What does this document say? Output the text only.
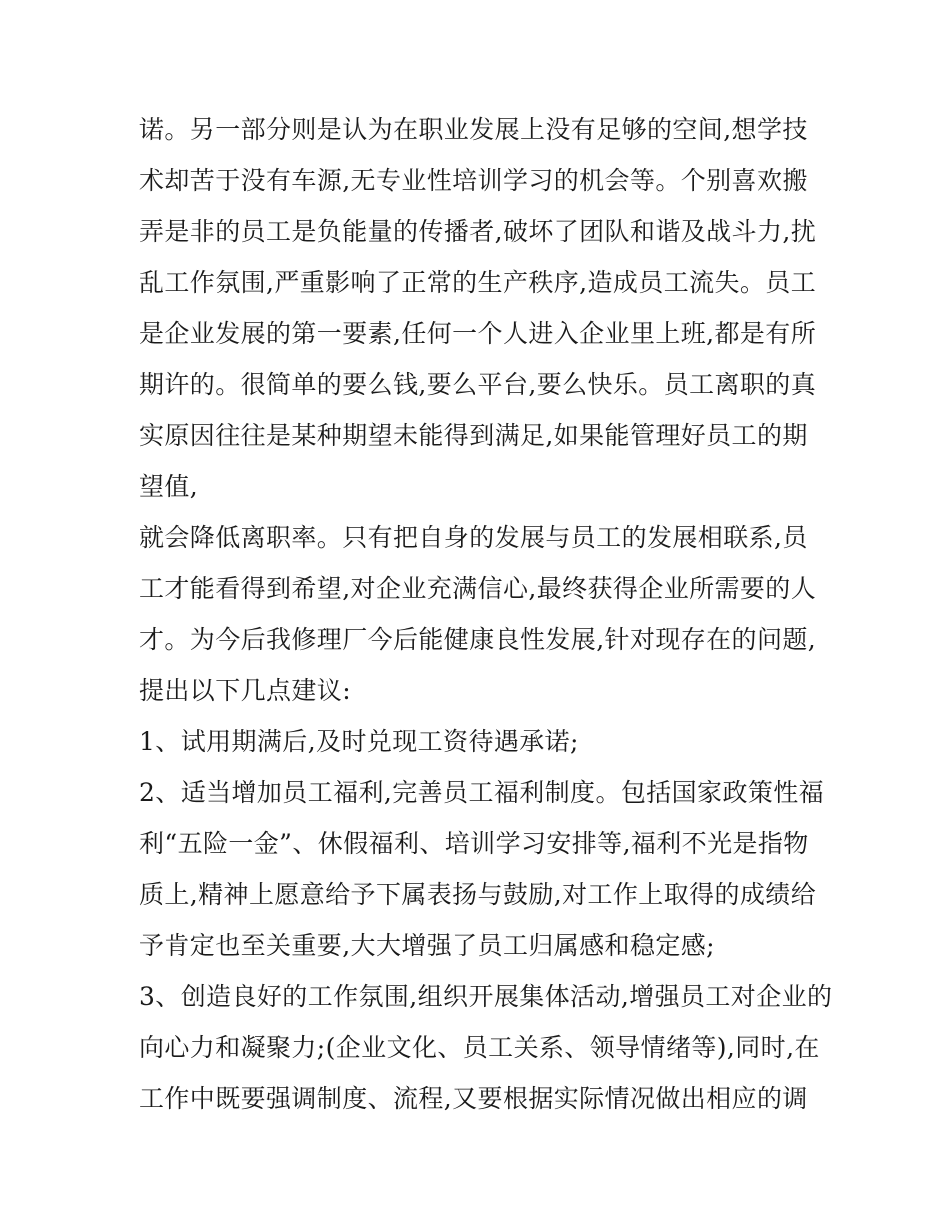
诺。另一部分则是认为在职业发展上没有足够的空间,想学技
术却苦于没有车源,无专业性培训学习的机会等。个别喜欢搬
弄是非的员工是负能量的传播者,破坏了团队和谐及战斗力,扰
乱工作氛围,严重影响了正常的生产秩序,造成员工流失。员工
是企业发展的第一要素,任何一个人进入企业里上班,都是有所
期许的。很简单的要么钱,要么平台,要么快乐。员工离职的真
实原因往往是某种期望未能得到满足,如果能管理好员工的期
望值,
就会降低离职率。只有把自身的发展与员工的发展相联系,员
工才能看得到希望,对企业充满信心,最终获得企业所需要的人
才。为今后我修理厂今后能健康良性发展,针对现存在的问题,
提出以下几点建议:
1、试用期满后,及时兑现工资待遇承诺;
2、适当增加员工福利,完善员工福利制度。包括国家政策性福
利“五险一金”、休假福利、培训学习安排等,福利不光是指物
质上,精神上愿意给予下属表扬与鼓励,对工作上取得的成绩给
予肯定也至关重要,大大增强了员工归属感和稳定感;
3、创造良好的工作氛围,组织开展集体活动,增强员工对企业的
向心力和凝聚力;(企业文化、员工关系、领导情绪等),同时,在
工作中既要强调制度、流程,又要根据实际情况做出相应的调
